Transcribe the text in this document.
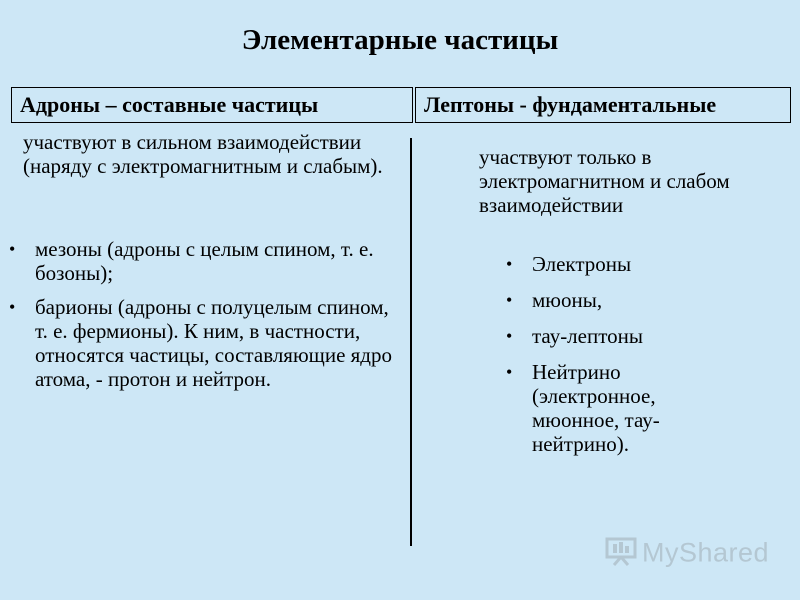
Элементарные частицы
Адроны – составные частицы	Лептоны - фундаментальные
участвуют в сильном взаимодействии (наряду с электромагнитным и слабым).	участвуют только в электромагнитном и слабом взаимодействии
• мезоны (адроны с целым спином, т. е. бозоны);
• барионы (адроны с полуцелым спином, т. е. фермионы). К ним, в частности, относятся частицы, составляющие ядро атома, - протон и нейтрон.
• Электроны
• мюоны,
• тау-лептоны
• Нейтрино (электронное, мюонное, тау-нейтрино).
MyShared
